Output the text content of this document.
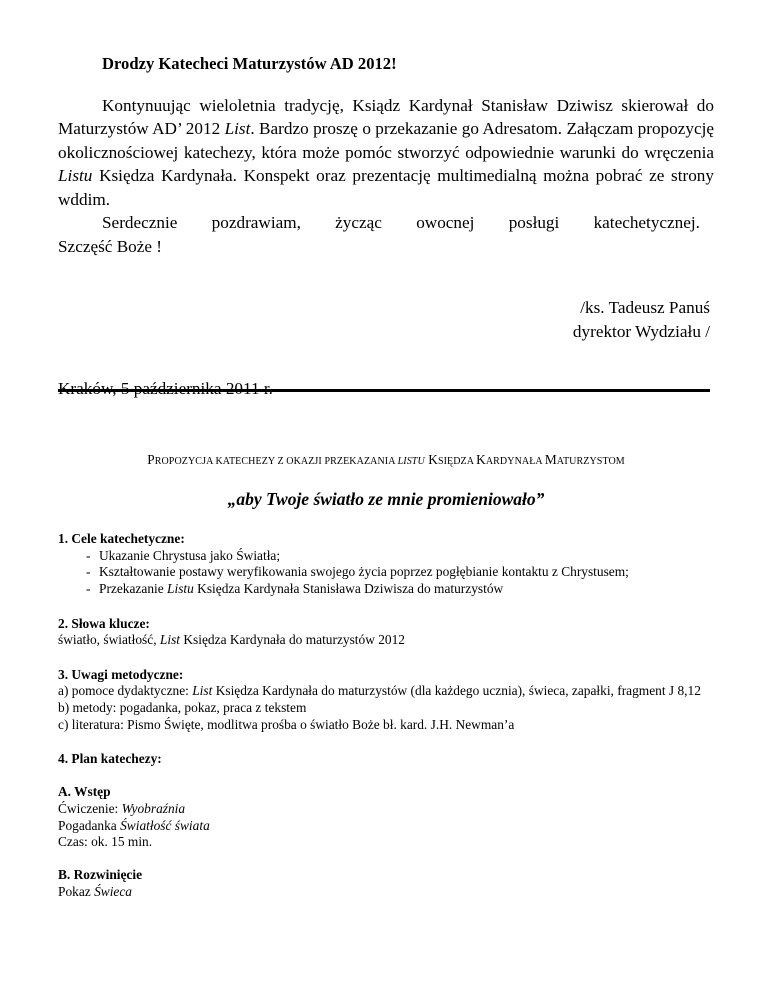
Drodzy Katecheci Maturzystów AD 2012!

Kontynuując wieloletnia tradycję, Ksiądz Kardynał Stanisław Dziwisz skierował do Maturzystów AD’ 2012 List. Bardzo proszę o przekazanie go Adresatom. Załączam propozycję okolicznościowej katechezy, która może pomóc stworzyć odpowiednie warunki do wręczenia Listu Księdza Kardynała. Konspekt oraz prezentację multimedialną można pobrać ze strony wddim.

Serdecznie pozdrawiam, życząc owocnej posługi katechetycznej.

Szczęść Boże !

/ks. Tadeusz Panuś
dyrektor Wydziału /

PROPOZYCJA KATECHEZY Z OKAZJI PRZEKAZANIA LISTU KSIĘDZA KARDYNAŁA MATURZYSTOM

„aby Twoje światło ze mnie promieniowało”

1. Cele katechetyczne:

- Ukazanie Chrystusa jako Światła;
- Kształtowanie postawy weryfikowania swojego życia poprzez pogłębianie kontaktu z Chrystusem;
- Przekazanie Listu Księdza Kardynała Stanisława Dziwisza do maturzystów

2. Słowa klucze:

światło, światłość, List Księdza Kardynała do maturzystów 2012

3. Uwagi metodyczne:

a) pomoce dydaktyczne: List Księdza Kardynała do maturzystów (dla każdego ucznia), świeca, zapałki, fragment J 8,12

b) metody: pogadanka, pokaz, praca z tekstem

c) literatura: Pismo Święte, modlitwa prośba o światło Boże bł. kard. J.H. Newman’a

4. Plan katechezy:

A. Wstęp

Ćwiczenie: Wyobraźnia

Pogadanka Światłość świata

Czas: ok. 15 min.

B. Rozwinięcie

Pokaz Świeca
